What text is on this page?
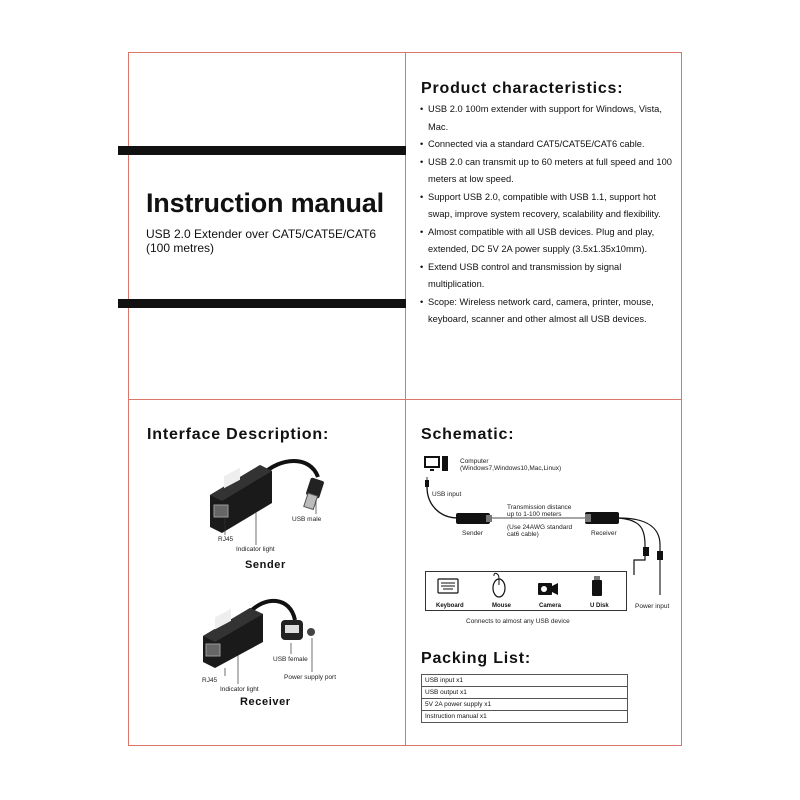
Instruction manual
USB 2.0 Extender over CAT5/CAT5E/CAT6 (100 metres)
Product characteristics:
• USB 2.0 100m extender with support for Windows, Vista, Mac.
• Connected via a standard CAT5/CAT5E/CAT6 cable.
• USB 2.0 can transmit up to 60 meters at full speed and 100 meters at low speed.
• Support USB 2.0, compatible with USB 1.1, support hot swap, improve system recovery, scalability and flexibility.
• Almost compatible with all USB devices. Plug and play, extended, DC 5V 2A power supply (3.5x1.35x10mm).
• Extend USB control and transmission by signal multiplication.
• Scope: Wireless network card, camera, printer, mouse, keyboard, scanner and other almost all USB devices.
Interface Description:
RJ45
Indicator light
USB male
Sender
RJ45
Indicator light
USB female
Power supply port
Receiver
Schematic:
Computer
(Windows7,Windows10,Mac,Linux)
USB input
Transmission distance
up to 1-100 meters
(Use 24AWG standard
cat6 cable)
Sender	Receiver
Power input
Keyboard	Mouse	Camera	U Disk
Connects to almost any USB device
Packing List:
USB input x1
USB output x1
5V 2A power supply x1
Instruction manual x1
